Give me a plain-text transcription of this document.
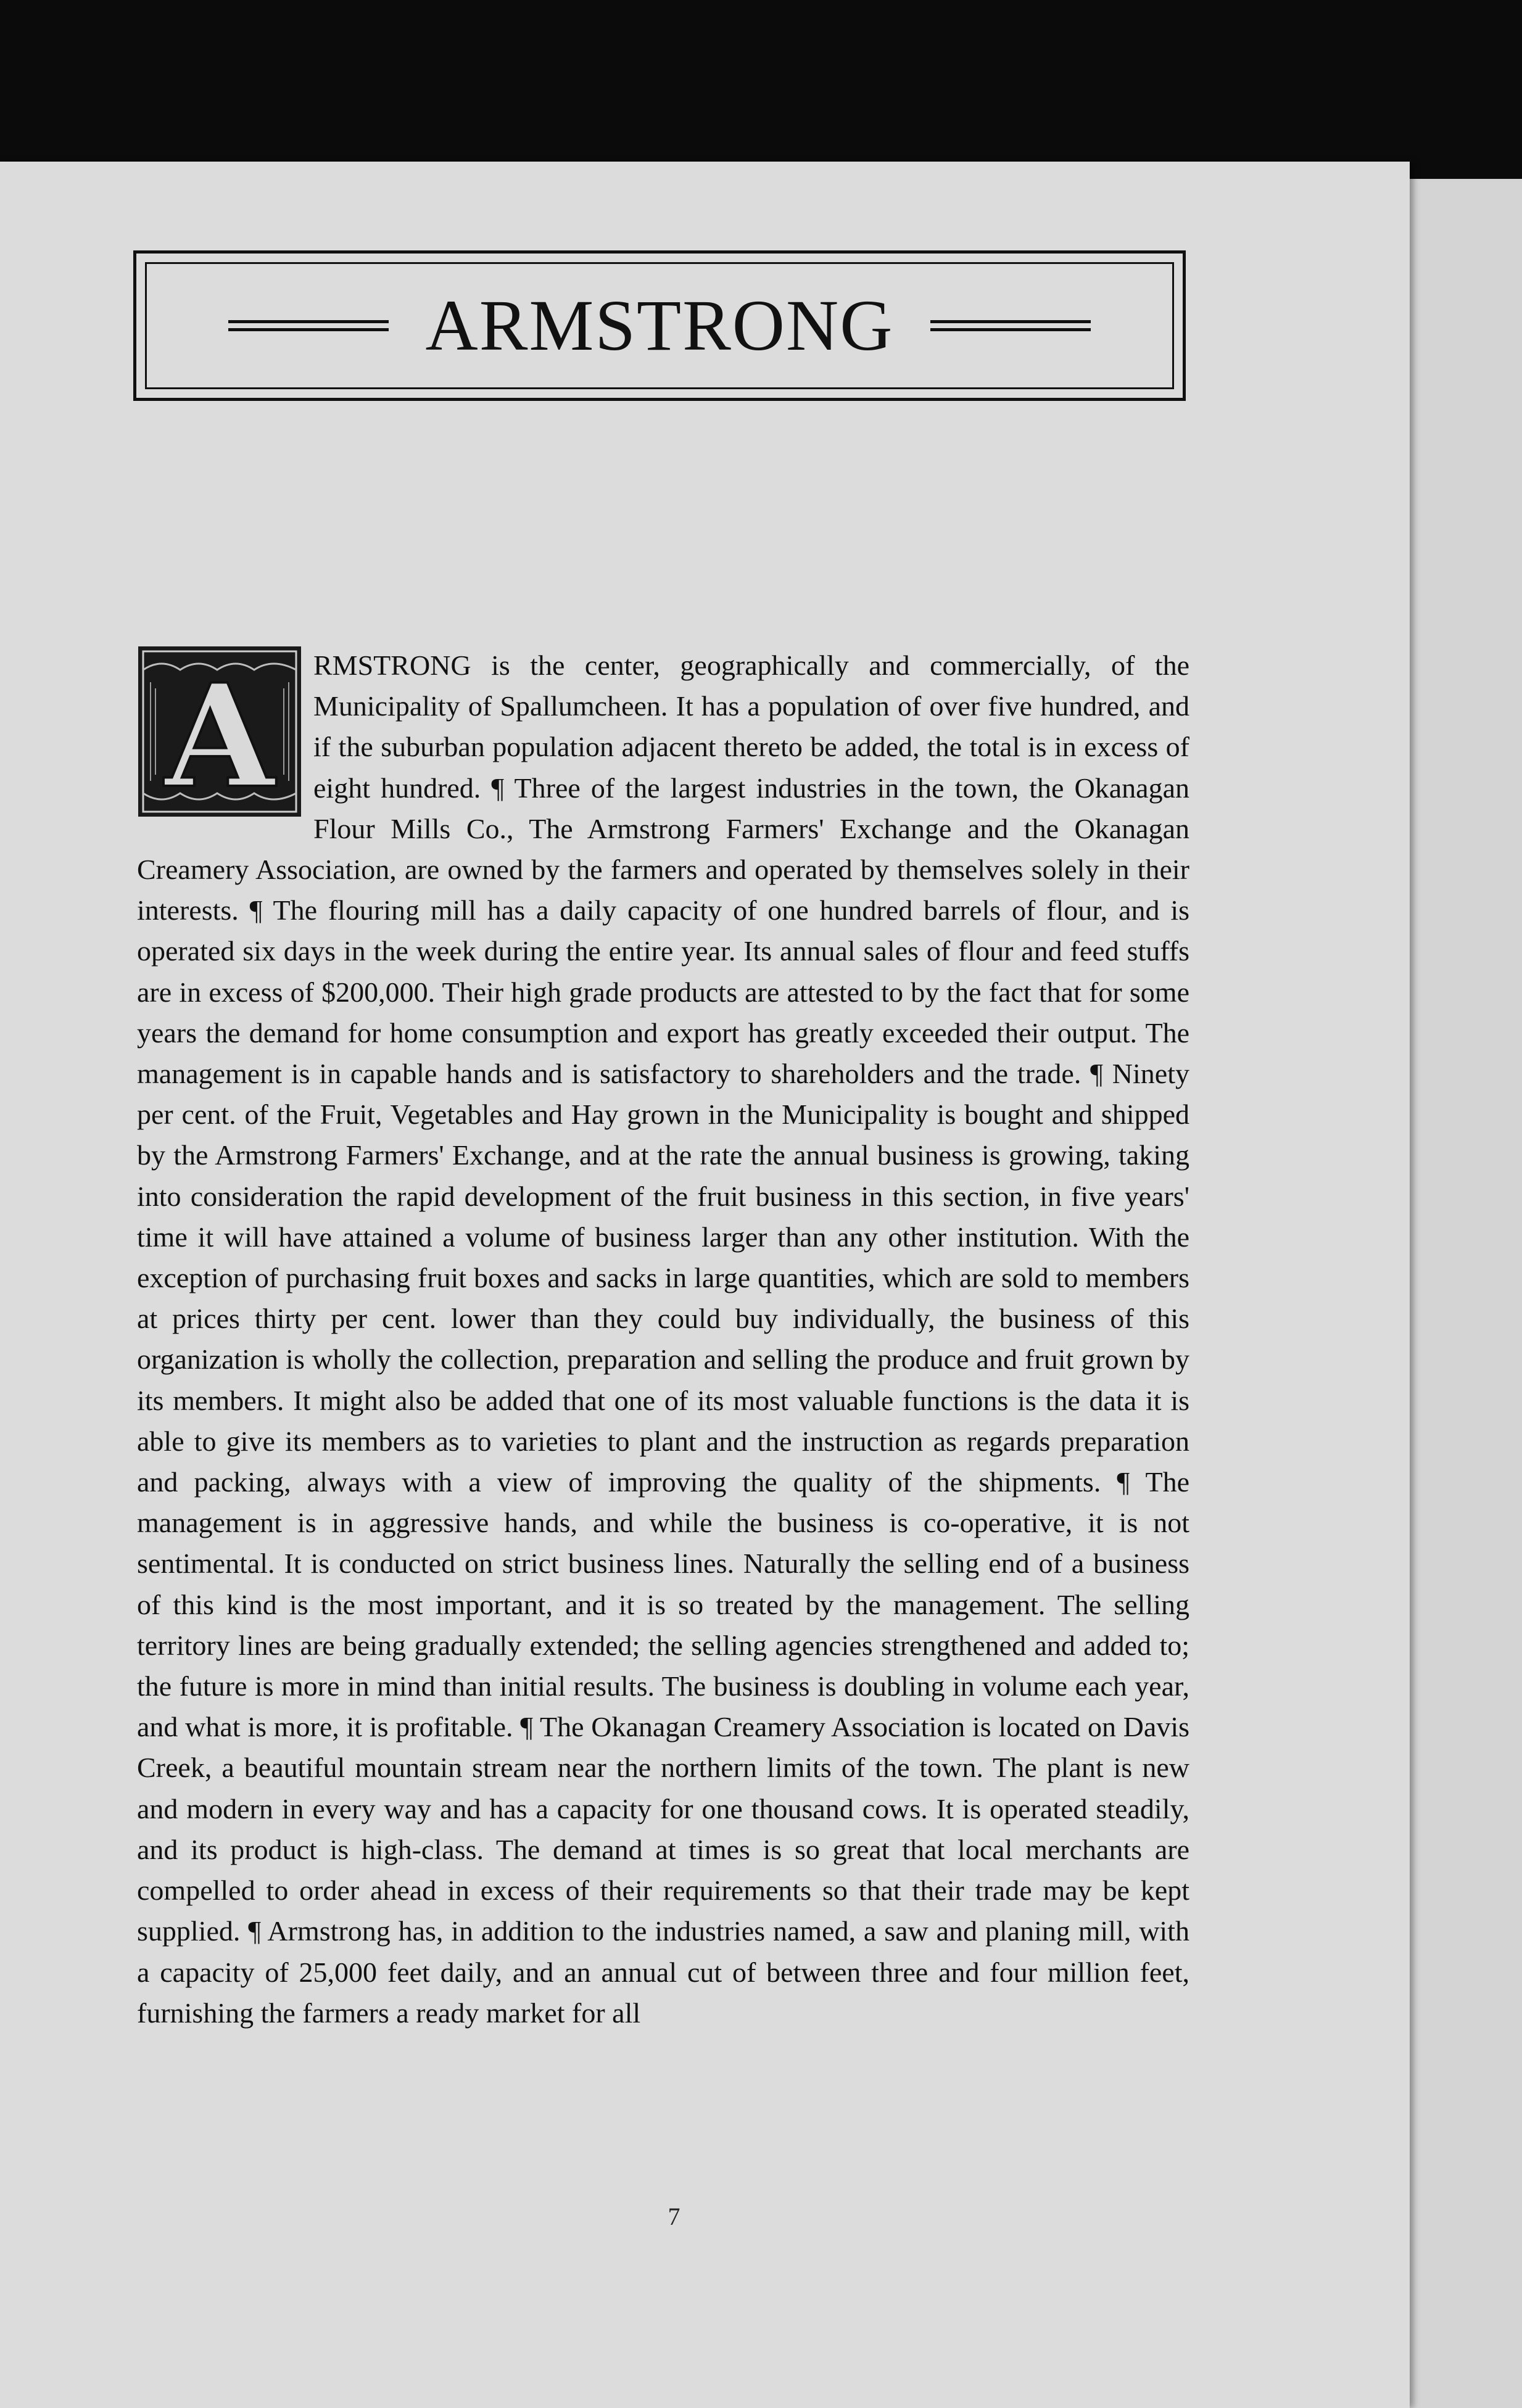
ARMSTRONG

RMSTRONG is the center, geographically and commercially, of the Municipality of Spallumcheen. It has a population of over five hundred, and if the suburban population adjacent thereto be added, the total is in excess of eight hundred. ¶ Three of the largest industries in the town, the Okanagan Flour Mills Co., The Armstrong Farmers' Exchange and the Okanagan Creamery Association, are owned by the farmers and operated by themselves solely in their interests. ¶ The flouring mill has a daily capacity of one hundred barrels of flour, and is operated six days in the week during the entire year. Its annual sales of flour and feed stuffs are in excess of $200,000. Their high grade products are attested to by the fact that for some years the demand for home consumption and export has greatly exceeded their output. The management is in capable hands and is satisfactory to shareholders and the trade. ¶ Ninety per cent. of the Fruit, Vegetables and Hay grown in the Municipality is bought and shipped by the Armstrong Farmers' Exchange, and at the rate the annual business is growing, taking into consideration the rapid development of the fruit business in this section, in five years' time it will have attained a volume of business larger than any other institution. With the exception of purchasing fruit boxes and sacks in large quantities, which are sold to members at prices thirty per cent. lower than they could buy individually, the business of this organization is wholly the collection, preparation and selling the produce and fruit grown by its members. It might also be added that one of its most valuable functions is the data it is able to give its members as to varieties to plant and the instruction as regards preparation and packing, always with a view of improving the quality of the shipments. ¶ The management is in aggressive hands, and while the business is co-operative, it is not sentimental. It is conducted on strict business lines. Naturally the selling end of a business of this kind is the most important, and it is so treated by the management. The selling territory lines are being gradually extended; the selling agencies strengthened and added to; the future is more in mind than initial results. The business is doubling in volume each year, and what is more, it is profitable. ¶ The Okanagan Creamery Association is located on Davis Creek, a beautiful mountain stream near the northern limits of the town. The plant is new and modern in every way and has a capacity for one thousand cows. It is operated steadily, and its product is high-class. The demand at times is so great that local merchants are compelled to order ahead in excess of their requirements so that their trade may be kept supplied. ¶ Armstrong has, in addition to the industries named, a saw and planing mill, with a capacity of 25,000 feet daily, and an annual cut of between three and four million feet, furnishing the farmers a ready market for all

A
7
